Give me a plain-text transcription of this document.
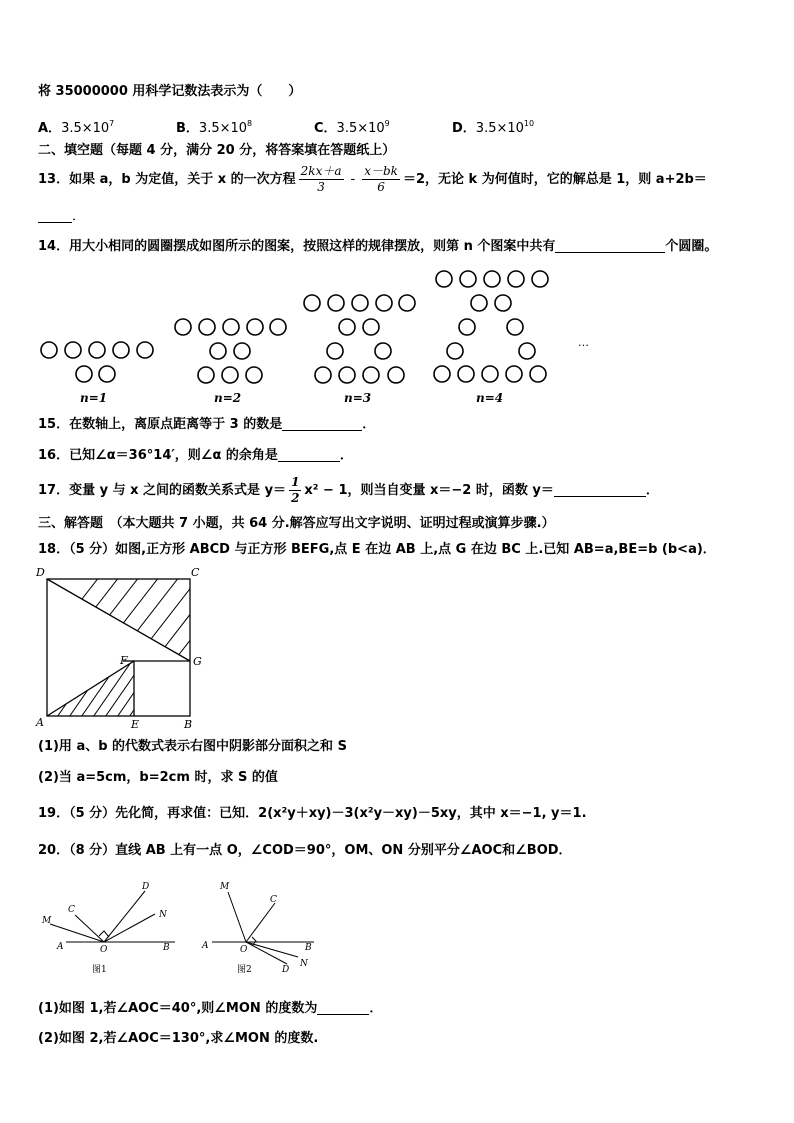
将 35000000 用科学记数法表示为（　　）
A．$3.5\times 10^7$	B．$3.5\times 10^8$	C．$3.5\times 10^9$	D．$3.5\times 10^{10}$
二、填空题（每题 4 分，满分 20 分，将答案填在答题纸上）
13．如果 a，b 为定值，关于 x 的一次方程 $\frac{2kx+a}{3} - \frac{x-bk}{6} =2$，无论 k 为何值时，它的解总是 1，则 a+2b＝
．
14．用大小相同的圆圈摆成如图所示的图案，按照这样的规律摆放，则第 n 个图案中共有	个圆圈。
n=1	n=2	n=3	n=4
…
15．在数轴上，离原点距离等于 3 的数是	．
16．已知∠α＝36°14′，则∠α 的余角是	．
17．变量 y 与 x 之间的函数关系式是 $y= \frac{1}{2} x^2 - 1$，则当自变量 x＝−2 时，函数 y＝	．
三、解答题　（本大题共 7 小题，共 64 分.解答应写出文字说明、证明过程或演算步骤.）
18．（5 分）如图,正方形 ABCD 与正方形 BEFG,点 E 在边 AB 上,点 G 在边 BC 上.已知 AB=a,BE=b (b<a)．
D	C
F	G
A	E	B
(1)用 a、b 的代数式表示右图中阴影部分面积之和 S
(2)当 a=5cm，b=2cm 时，求 S 的值
19．（5 分）先化简，再求值：已知．2(x²y＋xy)－3(x²y－xy)－5xy，其中 x＝−1, y＝1.
20．（8 分）直线 AB 上有一点 O，∠COD＝90°，OM、ON 分别平分∠AOC和∠BOD．
M
C
D
N
A	O	B
图1
M
C
A	O	B
D
N
图2
(1)如图 1,若∠AOC＝40°,则∠MON 的度数为	．
(2)如图 2,若∠AOC＝130°,求∠MON 的度数.
